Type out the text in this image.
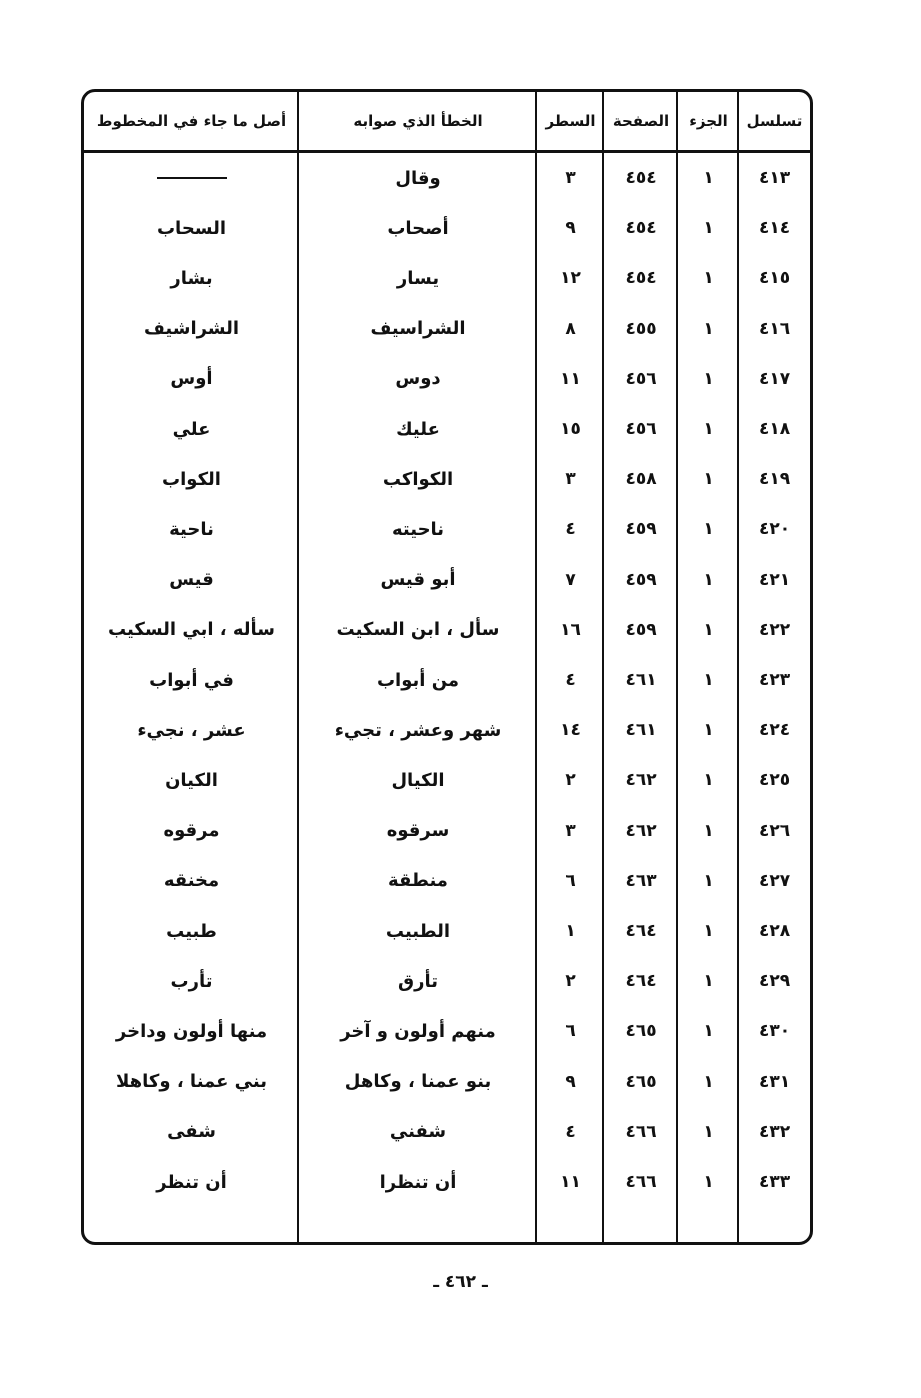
تسلسل
الجزء
الصفحة
السطر
الخطأ الذي صوابه
أصل ما جاء في المخطوط
٤١٣
١
٤٥٤
٣
وقال
٤١٤
١
٤٥٤
٩
أصحاب
السحاب
٤١٥
١
٤٥٤
١٢
يسار
بشار
٤١٦
١
٤٥٥
٨
الشراسيف
الشراشيف
٤١٧
١
٤٥٦
١١
دوس
أوس
٤١٨
١
٤٥٦
١٥
عليك
علي
٤١٩
١
٤٥٨
٣
الكواكب
الكواب
٤٢٠
١
٤٥٩
٤
ناحيته
ناحية
٤٢١
١
٤٥٩
٧
أبو قيس
قيس
٤٢٢
١
٤٥٩
١٦
سأل ، ابن السكيت
سأله ، ابي السكيب
٤٢٣
١
٤٦١
٤
من أبواب
في أبواب
٤٢٤
١
٤٦١
١٤
شهر وعشر ، تجيء
عشر ، نجيء
٤٢٥
١
٤٦٢
٢
الكيال
الكيان
٤٢٦
١
٤٦٢
٣
سرقوه
مرقوه
٤٢٧
١
٤٦٣
٦
منطقة
مخنقه
٤٢٨
١
٤٦٤
١
الطبيب
طبيب
٤٢٩
١
٤٦٤
٢
تأرق
تأرب
٤٣٠
١
٤٦٥
٦
منهم أولون و آخر
منها أولون وداخر
٤٣١
١
٤٦٥
٩
بنو عمنا ، وكاهل
بني عمنا ، وكاهلا
٤٣٢
١
٤٦٦
٤
شفني
شفى
٤٣٣
١
٤٦٦
١١
أن تنظرا
أن تنظر
ـ ٤٦٢ ـ
